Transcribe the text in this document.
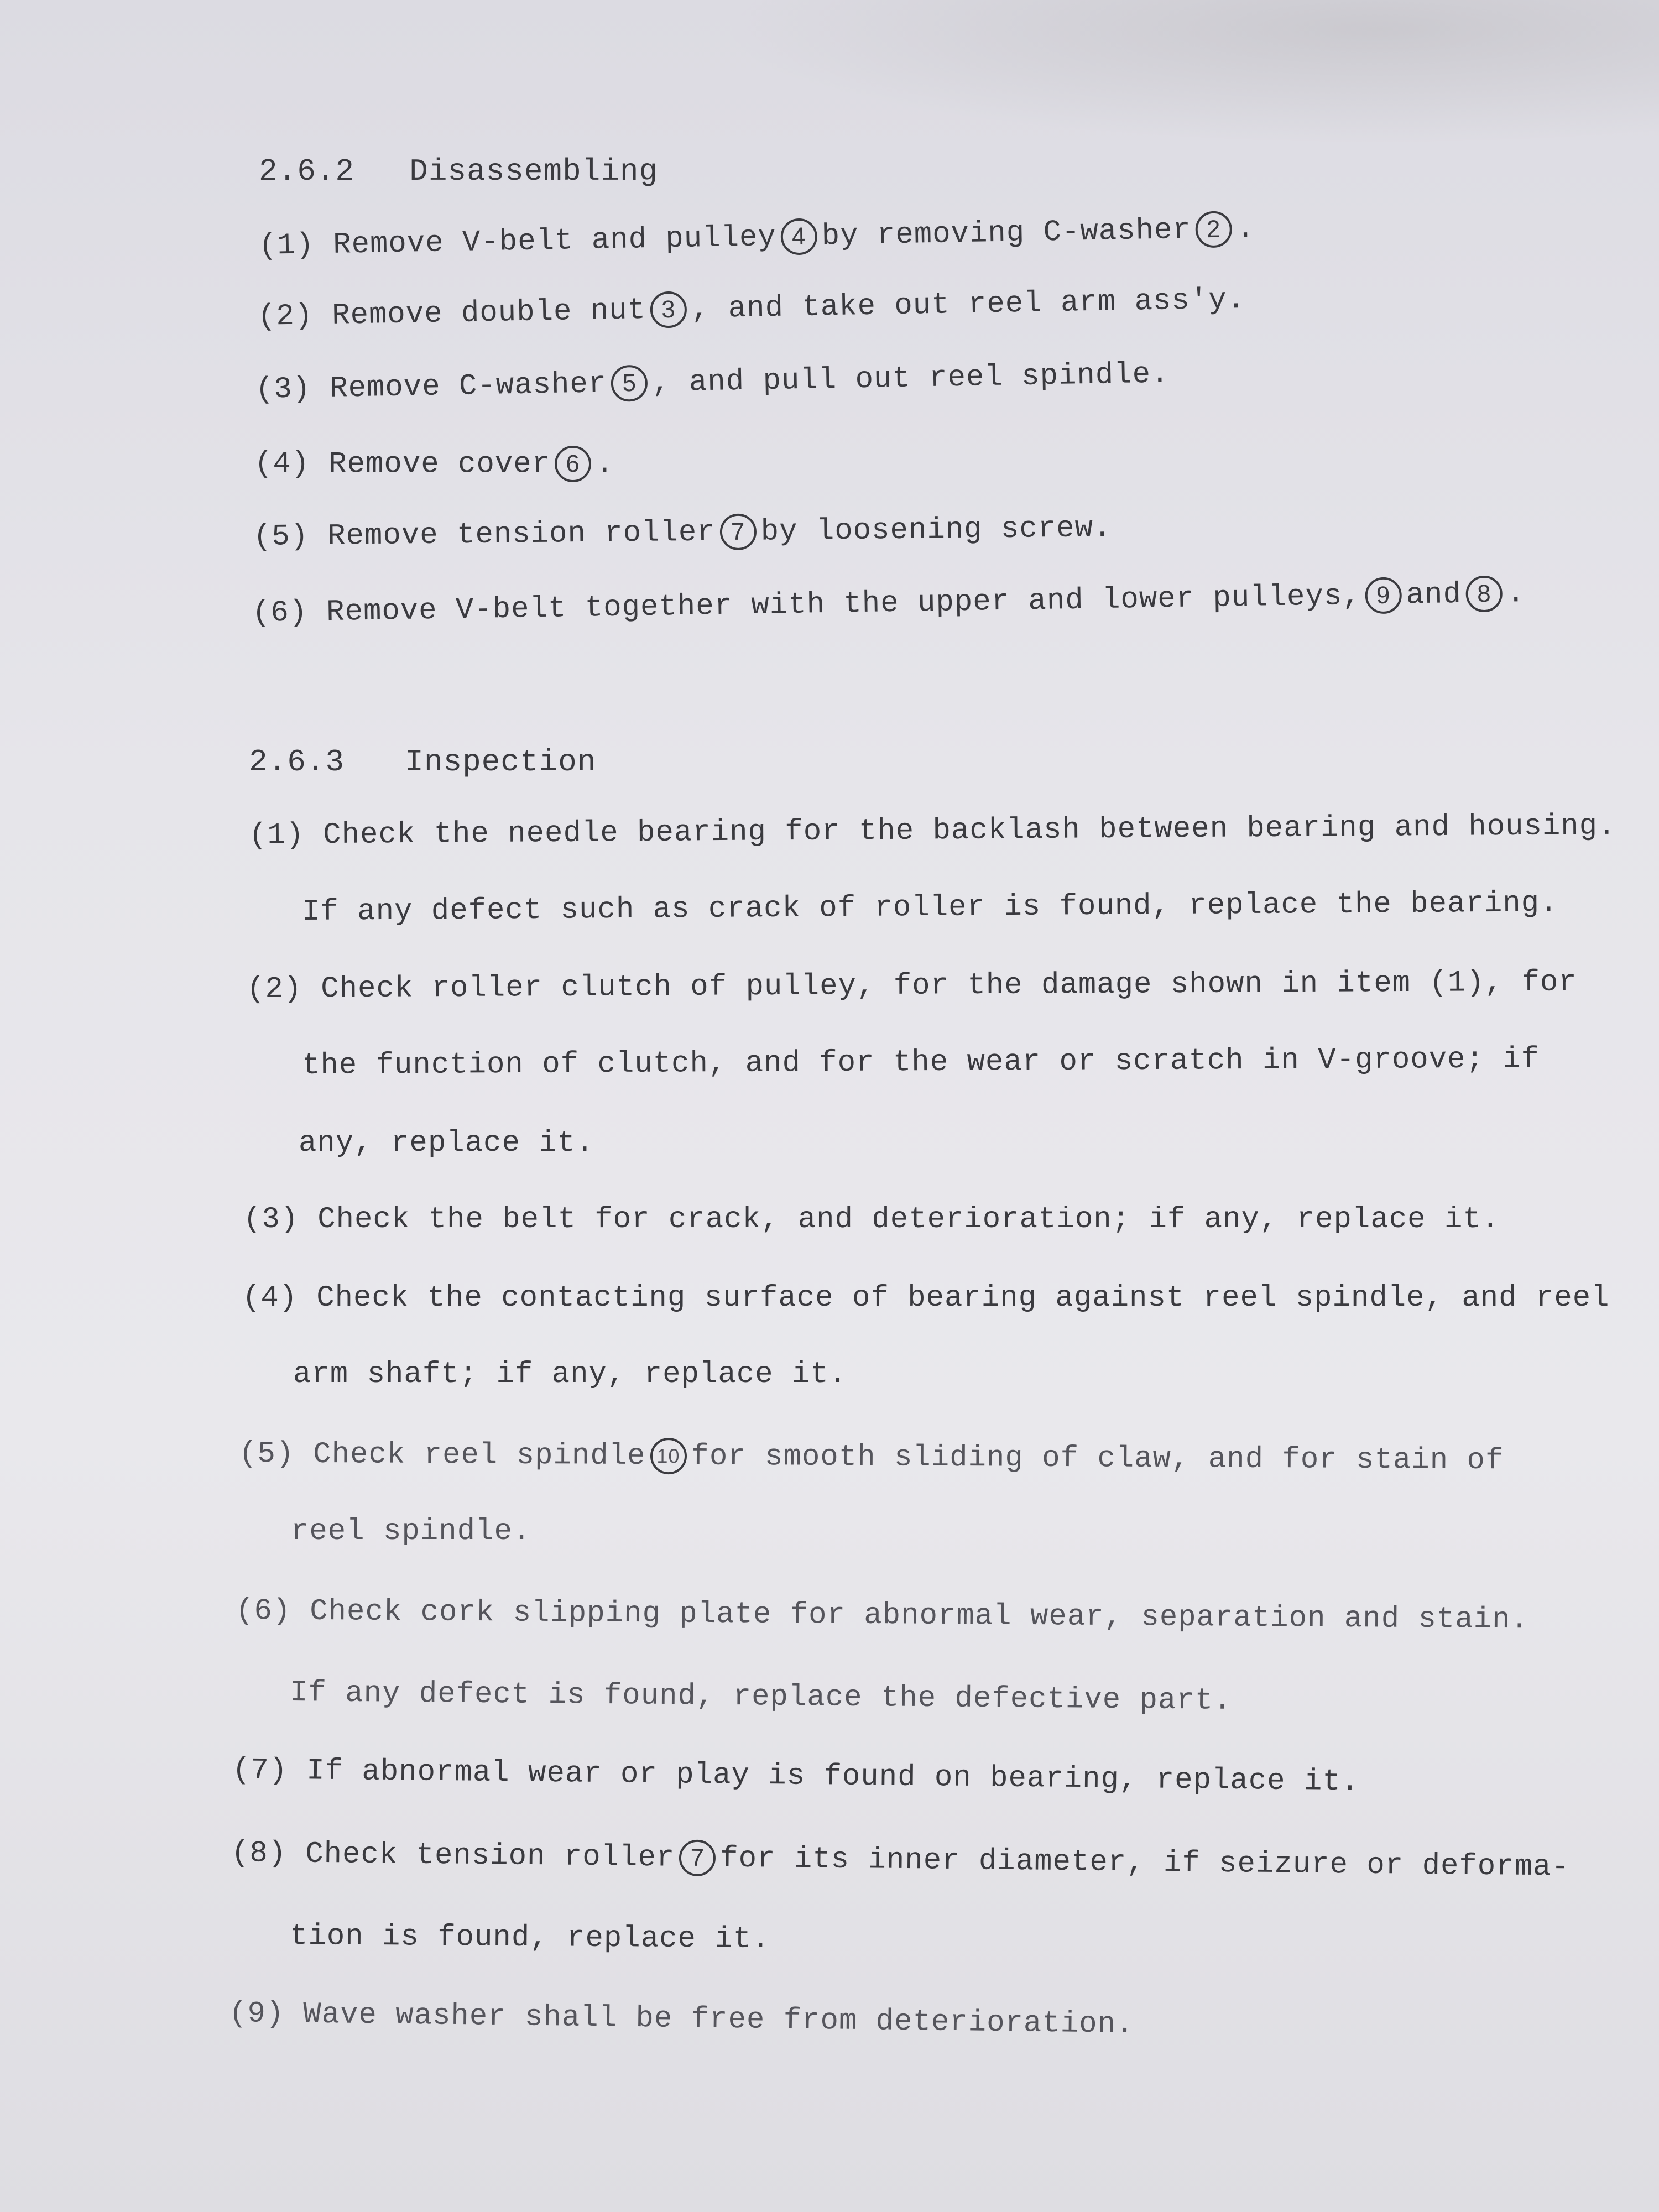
2.6.2 Disassembling
(1) Remove V-belt and pulley 4 by removing C-washer 2 .
(2) Remove double nut 3 , and take out reel arm ass'y.
(3) Remove C-washer 5 , and pull out reel spindle.
(4) Remove cover 6 .
(5) Remove tension roller 7 by loosening screw.
(6) Remove V-belt together with the upper and lower pulleys, 9 and 8 .
2.6.3 Inspection
(1) Check the needle bearing for the backlash between bearing and housing.
If any defect such as crack of roller is found, replace the bearing.
(2) Check roller clutch of pulley, for the damage shown in item (1), for
the function of clutch, and for the wear or scratch in V-groove; if
any, replace it.
(3) Check the belt for crack, and deterioration; if any, replace it.
(4) Check the contacting surface of bearing against reel spindle, and reel
arm shaft; if any, replace it.
(5) Check reel spindle 10 for smooth sliding of claw, and for stain of
reel spindle.
(6) Check cork slipping plate for abnormal wear, separation and stain.
If any defect is found, replace the defective part.
(7) If abnormal wear or play is found on bearing, replace it.
(8) Check tension roller 7 for its inner diameter, if seizure or deforma-
tion is found, replace it.
(9) Wave washer shall be free from deterioration.
